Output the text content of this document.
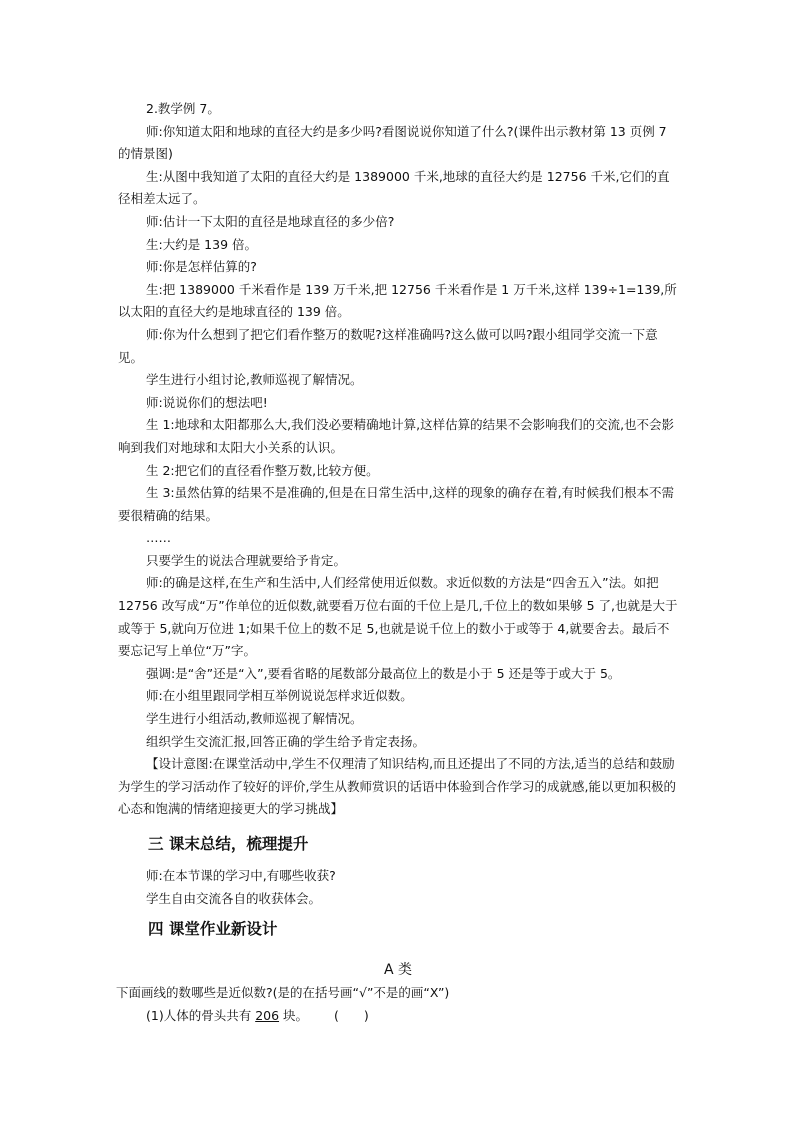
2.教学例 7。

师:你知道太阳和地球的直径大约是多少吗?看图说说你知道了什么?(课件出示教材第 13 页例 7 的情景图)

生:从图中我知道了太阳的直径大约是 1389000 千米,地球的直径大约是 12756 千米,它们的直径相差太远了。

师:估计一下太阳的直径是地球直径的多少倍?

生:大约是 139 倍。

师:你是怎样估算的?

生:把 1389000 千米看作是 139 万千米,把 12756 千米看作是 1 万千米,这样 139÷1=139,所以太阳的直径大约是地球直径的 139 倍。

师:你为什么想到了把它们看作整万的数呢?这样准确吗?这么做可以吗?跟小组同学交流一下意见。

学生进行小组讨论,教师巡视了解情况。

师:说说你们的想法吧!

生 1:地球和太阳都那么大,我们没必要精确地计算,这样估算的结果不会影响我们的交流,也不会影响到我们对地球和太阳大小关系的认识。

生 2:把它们的直径看作整万数,比较方便。

生 3:虽然估算的结果不是准确的,但是在日常生活中,这样的现象的确存在着,有时候我们根本不需要很精确的结果。

……

只要学生的说法合理就要给予肯定。

师:的确是这样,在生产和生活中,人们经常使用近似数。求近似数的方法是“四舍五入”法。如把 12756 改写成“万”作单位的近似数,就要看万位右面的千位上是几,千位上的数如果够 5 了,也就是大于或等于 5,就向万位进 1;如果千位上的数不足 5,也就是说千位上的数小于或等于 4,就要舍去。最后不要忘记写上单位“万”字。

强调:是“舍”还是“入”,要看省略的尾数部分最高位上的数是小于 5 还是等于或大于 5。

师:在小组里跟同学相互举例说说怎样求近似数。

学生进行小组活动,教师巡视了解情况。

组织学生交流汇报,回答正确的学生给予肯定表扬。

【设计意图:在课堂活动中,学生不仅理清了知识结构,而且还提出了不同的方法,适当的总结和鼓励为学生的学习活动作了较好的评价,学生从教师赏识的话语中体验到合作学习的成就感,能以更加积极的心态和饱满的情绪迎接更大的学习挑战】

三 课末总结，梳理提升

师:在本节课的学习中,有哪些收获?

学生自由交流各自的收获体会。

四 课堂作业新设计
A 类

下面画线的数哪些是近似数?(是的在括号画“√”不是的画“X”)

(1)人体的骨头共有 206 块。 (　　)
